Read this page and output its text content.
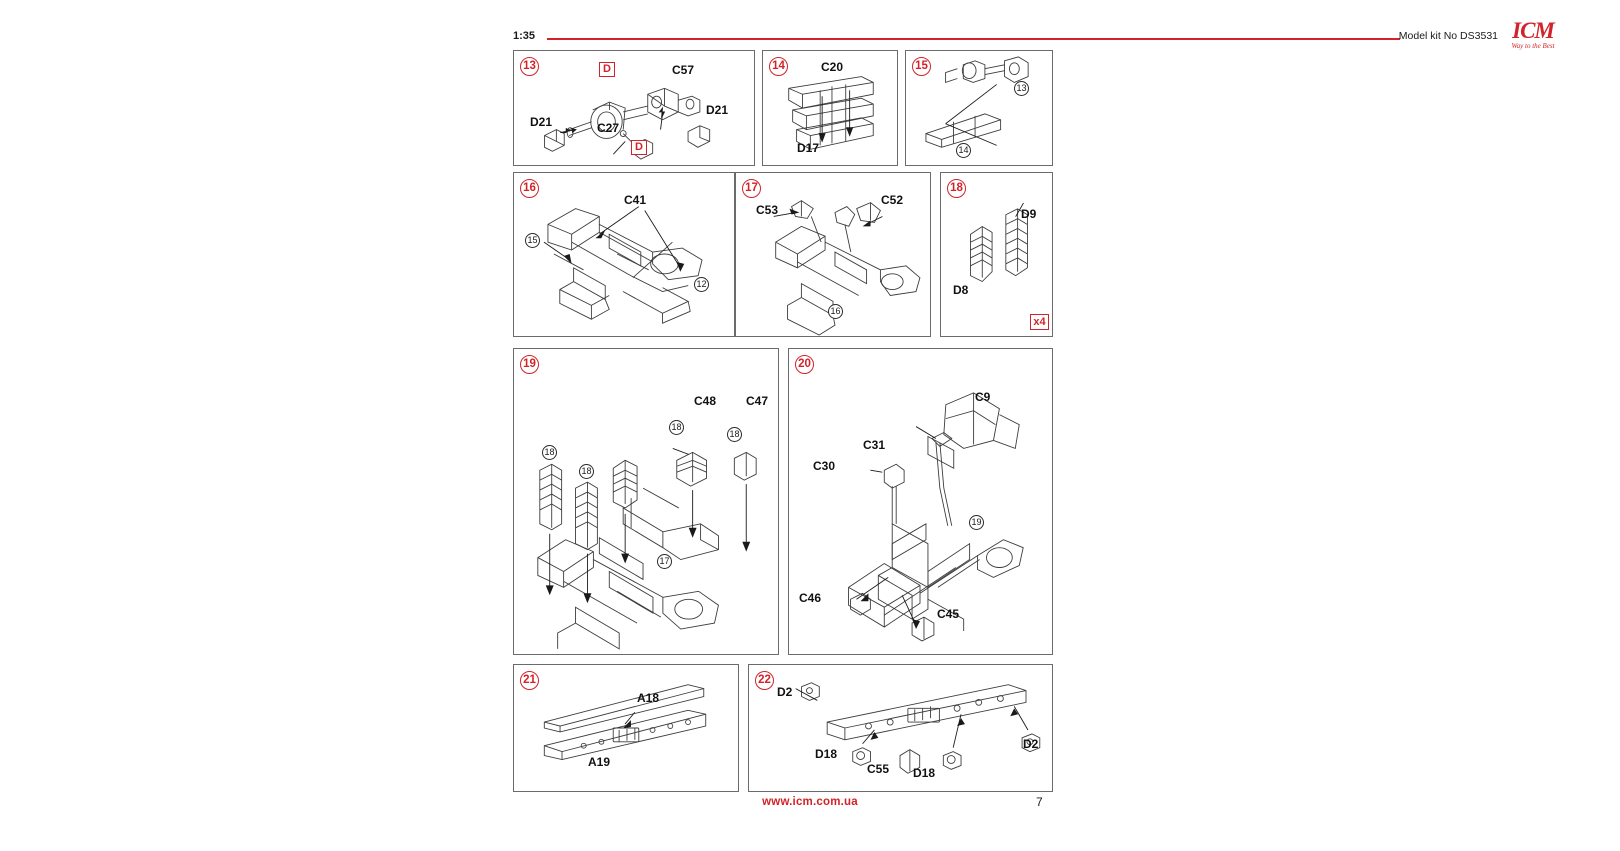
1:35	Model kit No DS3531 ICM
Way to the Best
13
D21
C57
D21
C27
D
D
14	C20
D17
15
13
14
16
C41
15
12
17
C53
C52
16
18
D9
D8
x4
19
C48 C47
18
18
18
18
17
20
C9
C31
C30
C46
C45
19
21
A18
A19
22
D2
D2
D18
C55 D18
www.icm.com.ua	7
